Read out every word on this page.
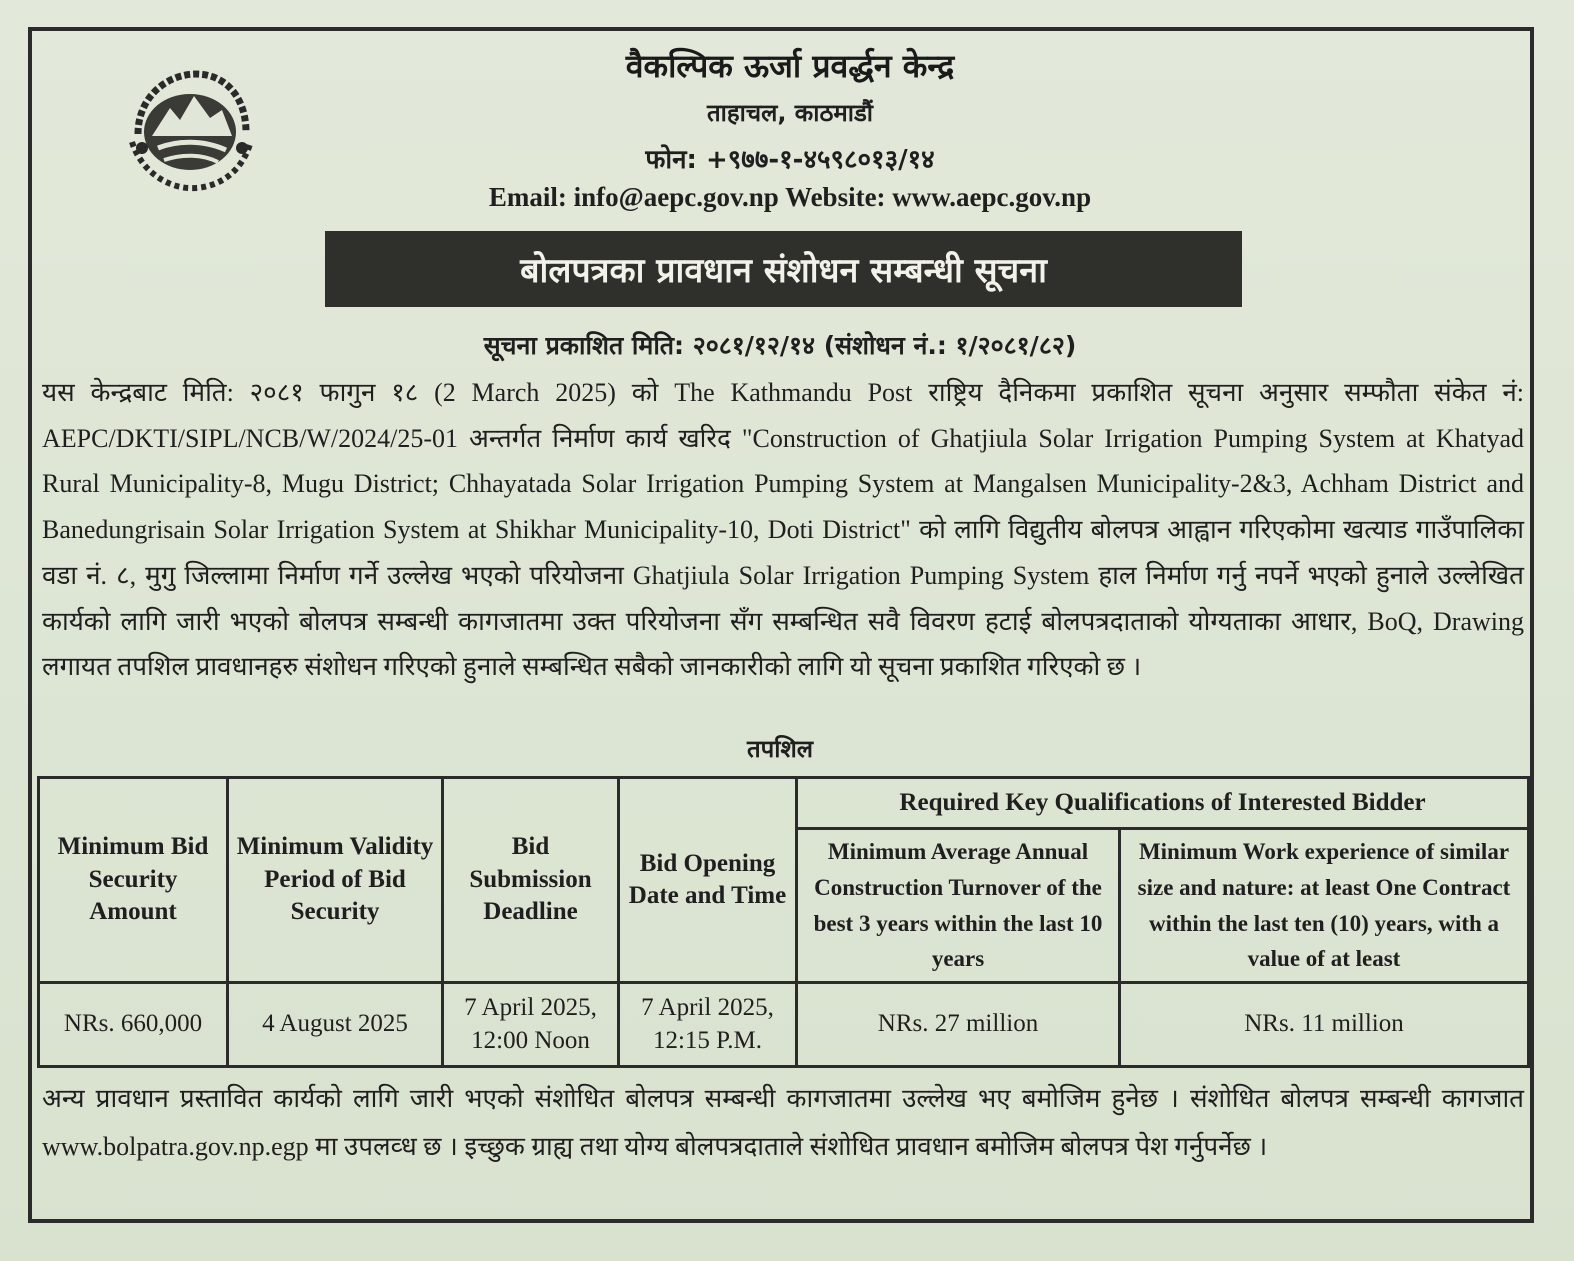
वैकल्पिक ऊर्जा प्रवर्द्धन केन्द्र
ताहाचल, काठमाडौं
फोन: +९७७-१-४५९८०१३/१४
Email: info@aepc.gov.np Website: www.aepc.gov.np
बोलपत्रका प्रावधान संशोधन सम्बन्धी सूचना
सूचना प्रकाशित मिति: २०८१/१२/१४ (संशोधन नं.: १/२०८१/८२)
यस केन्द्रबाट मिति: २०८१ फागुन १८ (2 March 2025) को The Kathmandu Post राष्ट्रिय दैनिकमा प्रकाशित सूचना अनुसार सम्फौता संकेत नं: AEPC/DKTI/SIPL/NCB/W/2024/25-01 अन्तर्गत निर्माण कार्य खरिद "Construction of Ghatjiula Solar Irrigation Pumping System at Khatyad Rural Municipality-8, Mugu District; Chhayatada Solar Irrigation Pumping System at Mangalsen Municipality-2&3, Achham District and Banedungrisain Solar Irrigation System at Shikhar Municipality-10, Doti District" को लागि विद्युतीय बोलपत्र आह्वान गरिएकोमा खत्याड गाउँपालिका वडा नं. ८, मुगु जिल्लामा निर्माण गर्ने उल्लेख भएको परियोजना Ghatjiula Solar Irrigation Pumping System हाल निर्माण गर्नु नपर्ने भएको हुनाले उल्लेखित कार्यको लागि जारी भएको बोलपत्र सम्बन्धी कागजातमा उक्त परियोजना सँग सम्बन्धित सवै विवरण हटाई बोलपत्रदाताको योग्यताका आधार, BoQ, Drawing लगायत तपशिल प्रावधानहरु संशोधन गरिएको हुनाले सम्बन्धित सबैको जानकारीको लागि यो सूचना प्रकाशित गरिएको छ ।
तपशिल
Minimum Bid Security Amount	Minimum Validity Period of Bid Security	Bid Submission Deadline	Bid Opening Date and Time	Required Key Qualifications of Interested Bidder	
				Minimum Average Annual Construction Turnover of the best 3 years within the last 10 years	Minimum Work experience of similar size and nature: at least One Contract within the last ten (10) years, with a value of at least
NRs. 660,000	4 August 2025	7 April 2025, 12:00 Noon	7 April 2025, 12:15 P.M.	NRs. 27 million	NRs. 11 million
अन्य प्रावधान प्रस्तावित कार्यको लागि जारी भएको संशोधित बोलपत्र सम्बन्धी कागजातमा उल्लेख भए बमोजिम हुनेछ । संशोधित बोलपत्र सम्बन्धी कागजात www.bolpatra.gov.np.egp मा उपलव्ध छ । इच्छुक ग्राह्य तथा योग्य बोलपत्रदाताले संशोधित प्रावधान बमोजिम बोलपत्र पेश गर्नुपर्नेछ ।
